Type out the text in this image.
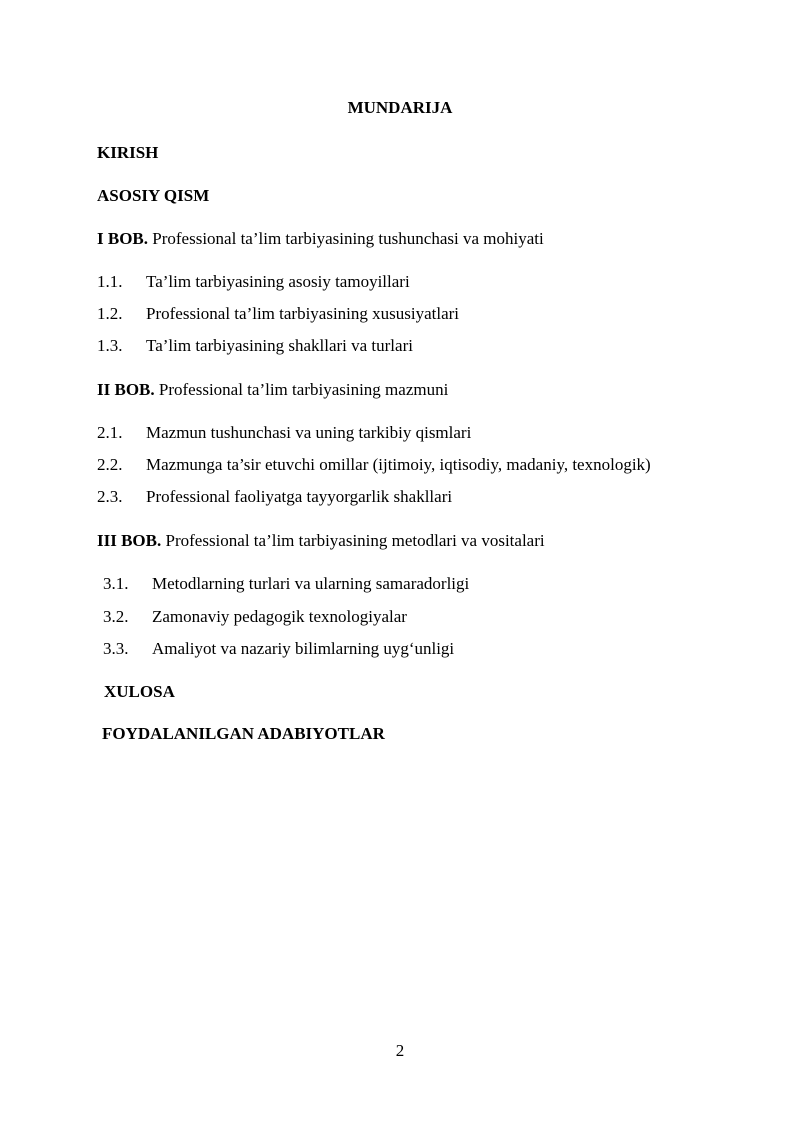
MUNDARIJA
KIRISH
ASOSIY QISM
I BOB. Professional ta’lim tarbiyasining tushunchasi va mohiyati
1.1. Ta’lim tarbiyasining asosiy tamoyillari
1.2. Professional ta’lim tarbiyasining xususiyatlari
1.3. Ta’lim tarbiyasining shakllari va turlari
II BOB. Professional ta’lim tarbiyasining mazmuni
2.1. Mazmun tushunchasi va uning tarkibiy qismlari
2.2. Mazmunga ta’sir etuvchi omillar (ijtimoiy, iqtisodiy, madaniy, texnologik)
2.3. Professional faoliyatga tayyorgarlik shakllari
III BOB. Professional ta’lim tarbiyasining metodlari va vositalari
3.1. Metodlarning turlari va ularning samaradorligi
3.2. Zamonaviy pedagogik texnologiyalar
3.3. Amaliyot va nazariy bilimlarning uyg‘unligi
XULOSA
FOYDALANILGAN ADABIYOTLAR
2
